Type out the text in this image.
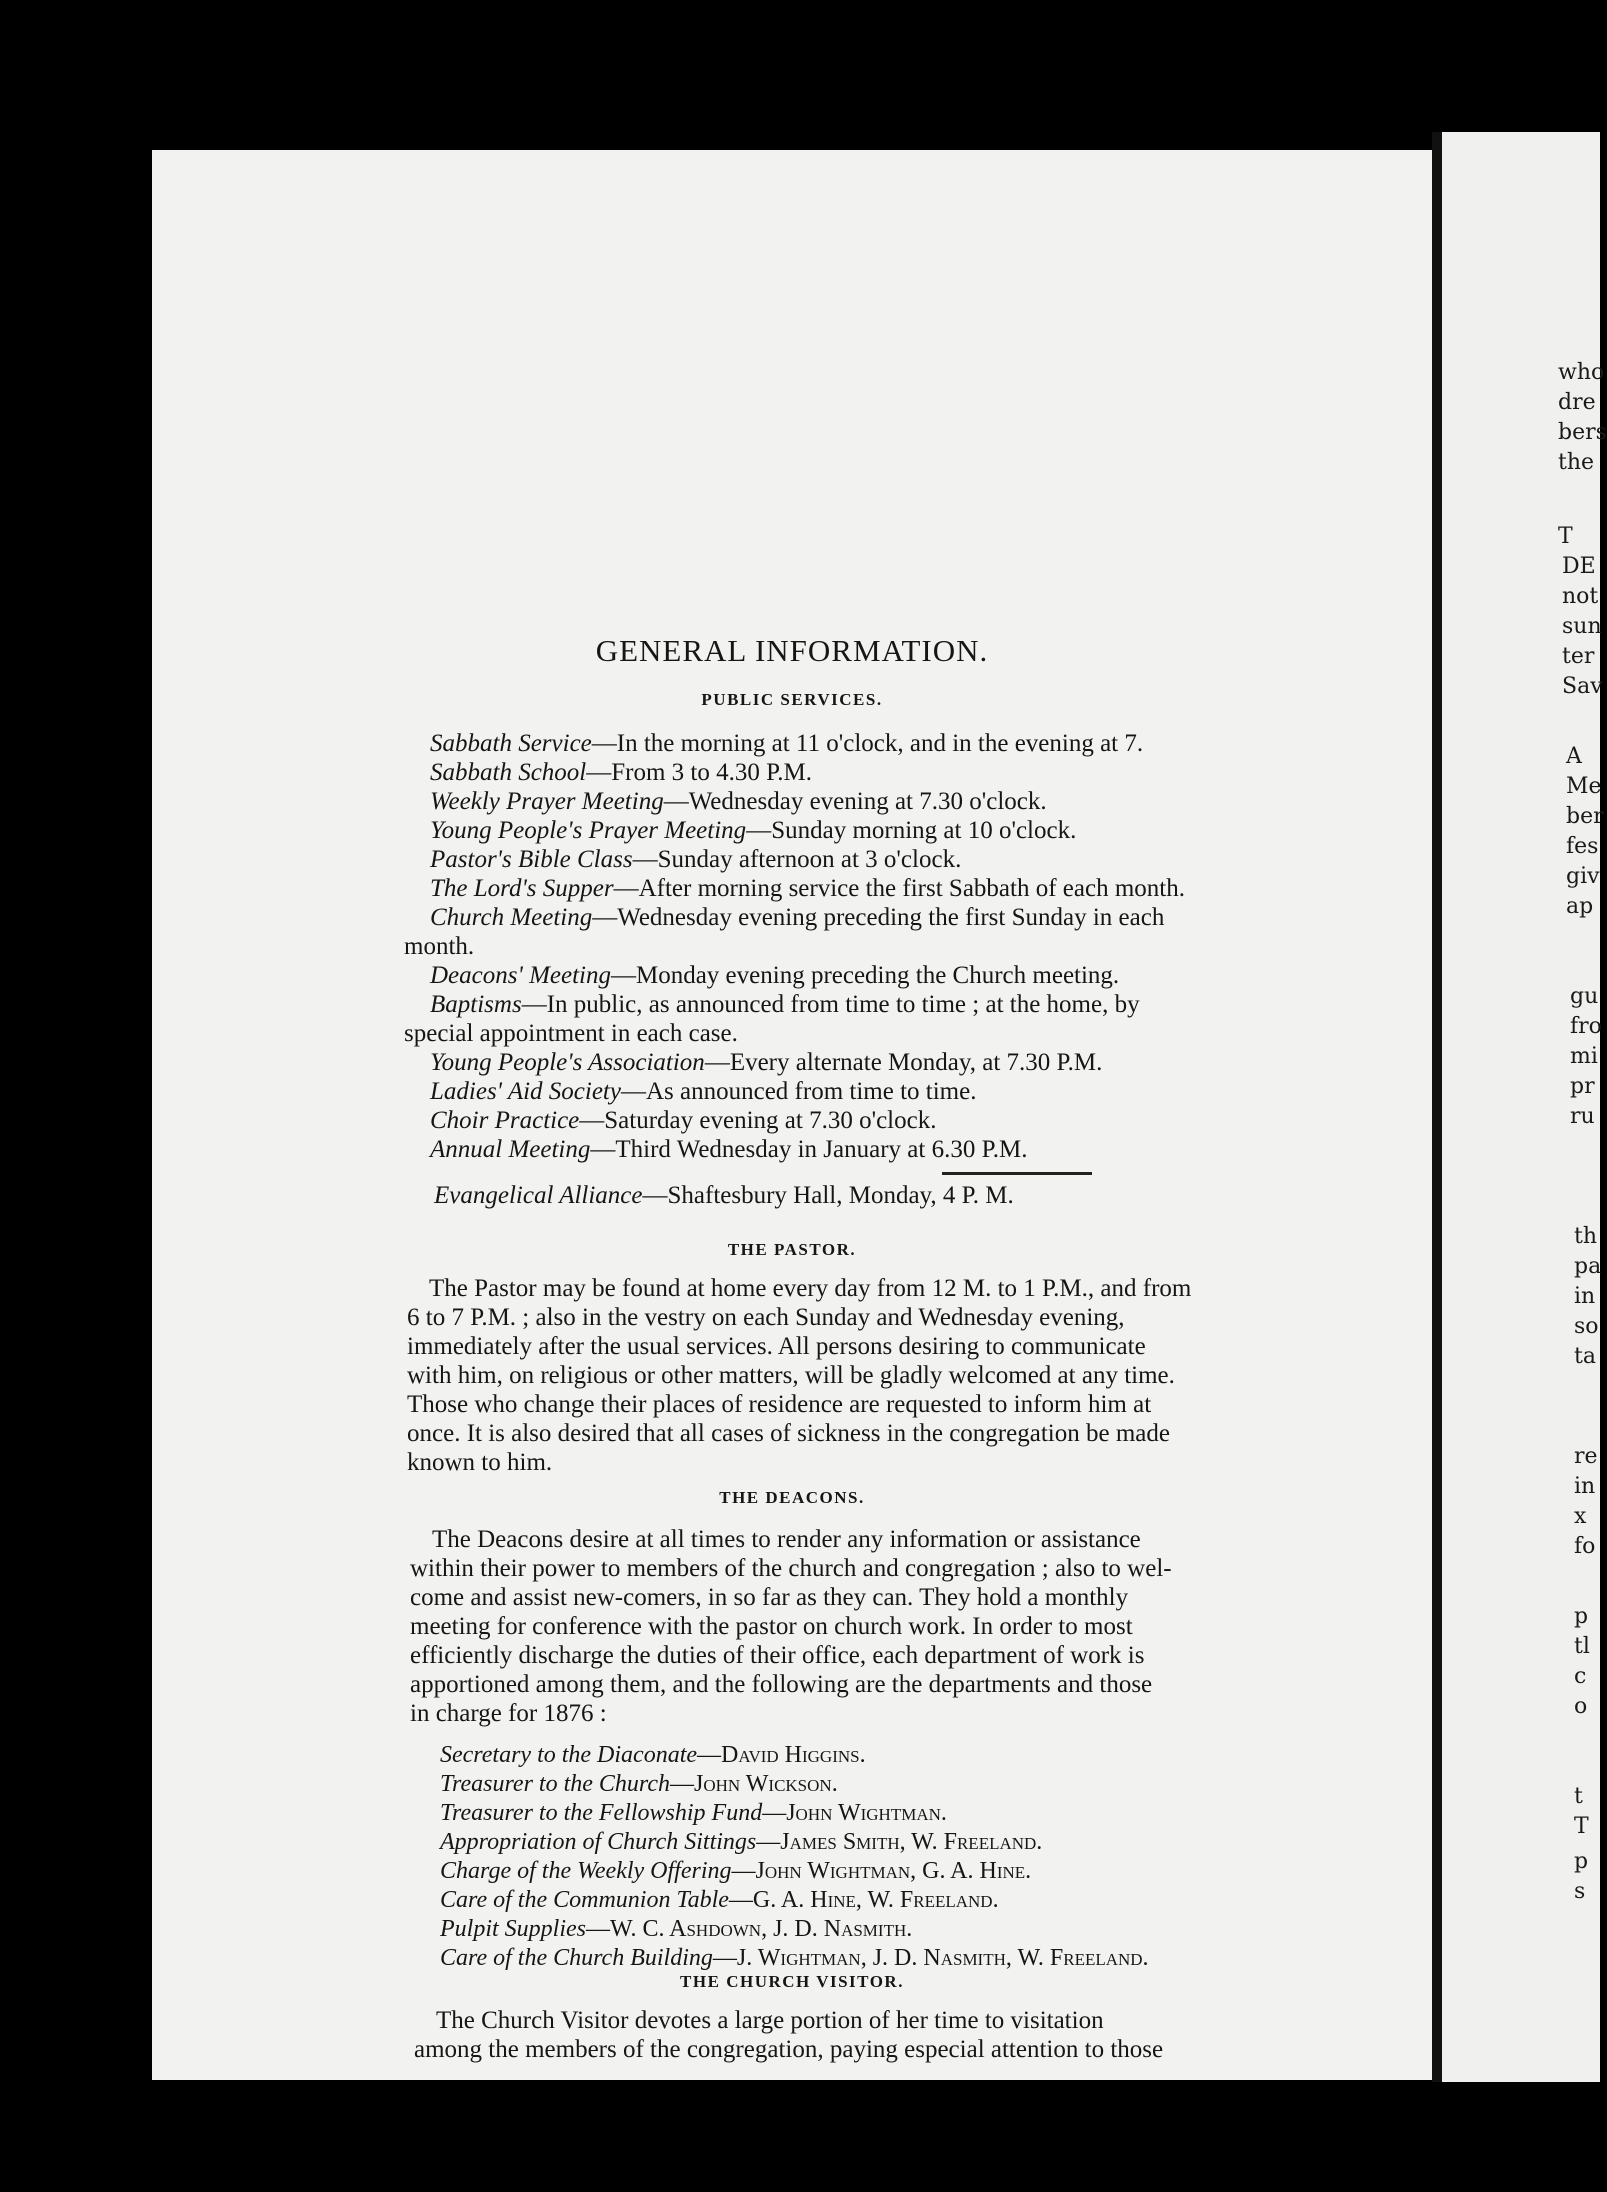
GENERAL INFORMATION.
PUBLIC SERVICES.
Sabbath Service—In the morning at 11 o'clock, and in the evening at 7.
Sabbath School—From 3 to 4.30 P.M.
Weekly Prayer Meeting—Wednesday evening at 7.30 o'clock.
Young People's Prayer Meeting—Sunday morning at 10 o'clock.
Pastor's Bible Class—Sunday afternoon at 3 o'clock.
The Lord's Supper—After morning service the first Sabbath of each month.
Church Meeting—Wednesday evening preceding the first Sunday in each
month.
Deacons' Meeting—Monday evening preceding the Church meeting.
Baptisms—In public, as announced from time to time ; at the home, by
special appointment in each case.
Young People's Association—Every alternate Monday, at 7.30 P.M.
Ladies' Aid Society—As announced from time to time.
Choir Practice—Saturday evening at 7.30 o'clock.
Annual Meeting—Third Wednesday in January at 6.30 P.M.
Evangelical Alliance—Shaftesbury Hall, Monday, 4 P. M.
THE PASTOR.
The Pastor may be found at home every day from 12 M. to 1 P.M., and from
6 to 7 P.M. ; also in the vestry on each Sunday and Wednesday evening,
immediately after the usual services. All persons desiring to communicate
with him, on religious or other matters, will be gladly welcomed at any time.
Those who change their places of residence are requested to inform him at
once. It is also desired that all cases of sickness in the congregation be made
known to him.
THE DEACONS.
The Deacons desire at all times to render any information or assistance
within their power to members of the church and congregation ; also to wel-
come and assist new-comers, in so far as they can. They hold a monthly
meeting for conference with the pastor on church work. In order to most
efficiently discharge the duties of their office, each department of work is
apportioned among them, and the following are the departments and those
in charge for 1876 :
Secretary to the Diaconate—David Higgins.
Treasurer to the Church—John Wickson.
Treasurer to the Fellowship Fund—John Wightman.
Appropriation of Church Sittings—James Smith, W. Freeland.
Charge of the Weekly Offering—John Wightman, G. A. Hine.
Care of the Communion Table—G. A. Hine, W. Freeland.
Pulpit Supplies—W. C. Ashdown, J. D. Nasmith.
Care of the Church Building—J. Wightman, J. D. Nasmith, W. Freeland.
THE CHURCH VISITOR.
The Church Visitor devotes a large portion of her time to visitation
among the members of the congregation, paying especial attention to those
who
dre
bers
the
T
DE
not
sun
ter
Sav
A
Me
ber
fes
giv
ap
gu
fro
mi
pr
ru
th
pa
in
so
ta
re
in
x
fo
p
tl
c
o
t
T
p
s
